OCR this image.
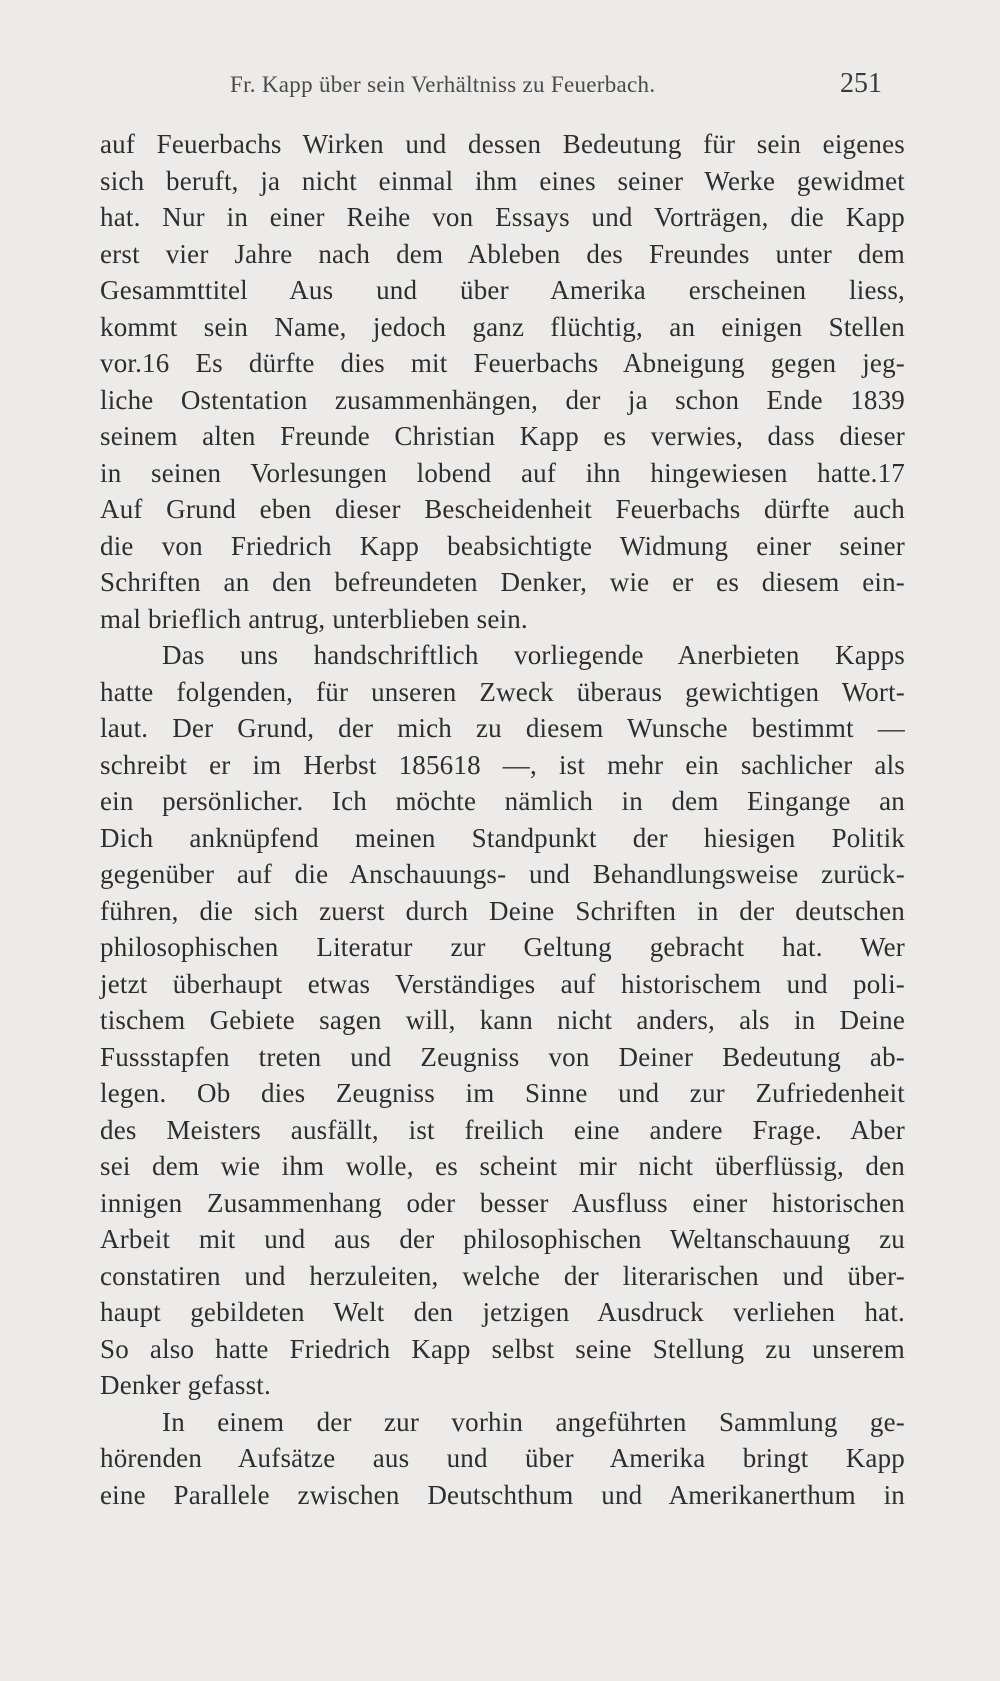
Fr. Kapp über sein Verhältniss zu Feuerbach.	251
auf Feuerbachs Wirken und dessen Bedeutung für sein eigenes
sich beruft, ja nicht einmal ihm eines seiner Werke gewidmet
hat. Nur in einer Reihe von Essays und Vorträgen, die Kapp
erst vier Jahre nach dem Ableben des Freundes unter dem
Gesammttitel Aus und über Amerika erscheinen liess,
kommt sein Name, jedoch ganz flüchtig, an einigen Stellen
vor.16 Es dürfte dies mit Feuerbachs Abneigung gegen jeg-
liche Ostentation zusammenhängen, der ja schon Ende 1839
seinem alten Freunde Christian Kapp es verwies, dass dieser
in seinen Vorlesungen lobend auf ihn hingewiesen hatte.17
Auf Grund eben dieser Bescheidenheit Feuerbachs dürfte auch
die von Friedrich Kapp beabsichtigte Widmung einer seiner
Schriften an den befreundeten Denker, wie er es diesem ein-
mal brieflich antrug, unterblieben sein.
Das uns handschriftlich vorliegende Anerbieten Kapps
hatte folgenden, für unseren Zweck überaus gewichtigen Wort-
laut. Der Grund, der mich zu diesem Wunsche bestimmt —
schreibt er im Herbst 185618 —, ist mehr ein sachlicher als
ein persönlicher. Ich möchte nämlich in dem Eingange an
Dich anknüpfend meinen Standpunkt der hiesigen Politik
gegenüber auf die Anschauungs- und Behandlungsweise zurück-
führen, die sich zuerst durch Deine Schriften in der deutschen
philosophischen Literatur zur Geltung gebracht hat. Wer
jetzt überhaupt etwas Verständiges auf historischem und poli-
tischem Gebiete sagen will, kann nicht anders, als in Deine
Fussstapfen treten und Zeugniss von Deiner Bedeutung ab-
legen. Ob dies Zeugniss im Sinne und zur Zufriedenheit
des Meisters ausfällt, ist freilich eine andere Frage. Aber
sei dem wie ihm wolle, es scheint mir nicht überflüssig, den
innigen Zusammenhang oder besser Ausfluss einer historischen
Arbeit mit und aus der philosophischen Weltanschauung zu
constatiren und herzuleiten, welche der literarischen und über-
haupt gebildeten Welt den jetzigen Ausdruck verliehen hat.
So also hatte Friedrich Kapp selbst seine Stellung zu unserem
Denker gefasst.
In einem der zur vorhin angeführten Sammlung ge-
hörenden Aufsätze aus und über Amerika bringt Kapp
eine Parallele zwischen Deutschthum und Amerikanerthum in
